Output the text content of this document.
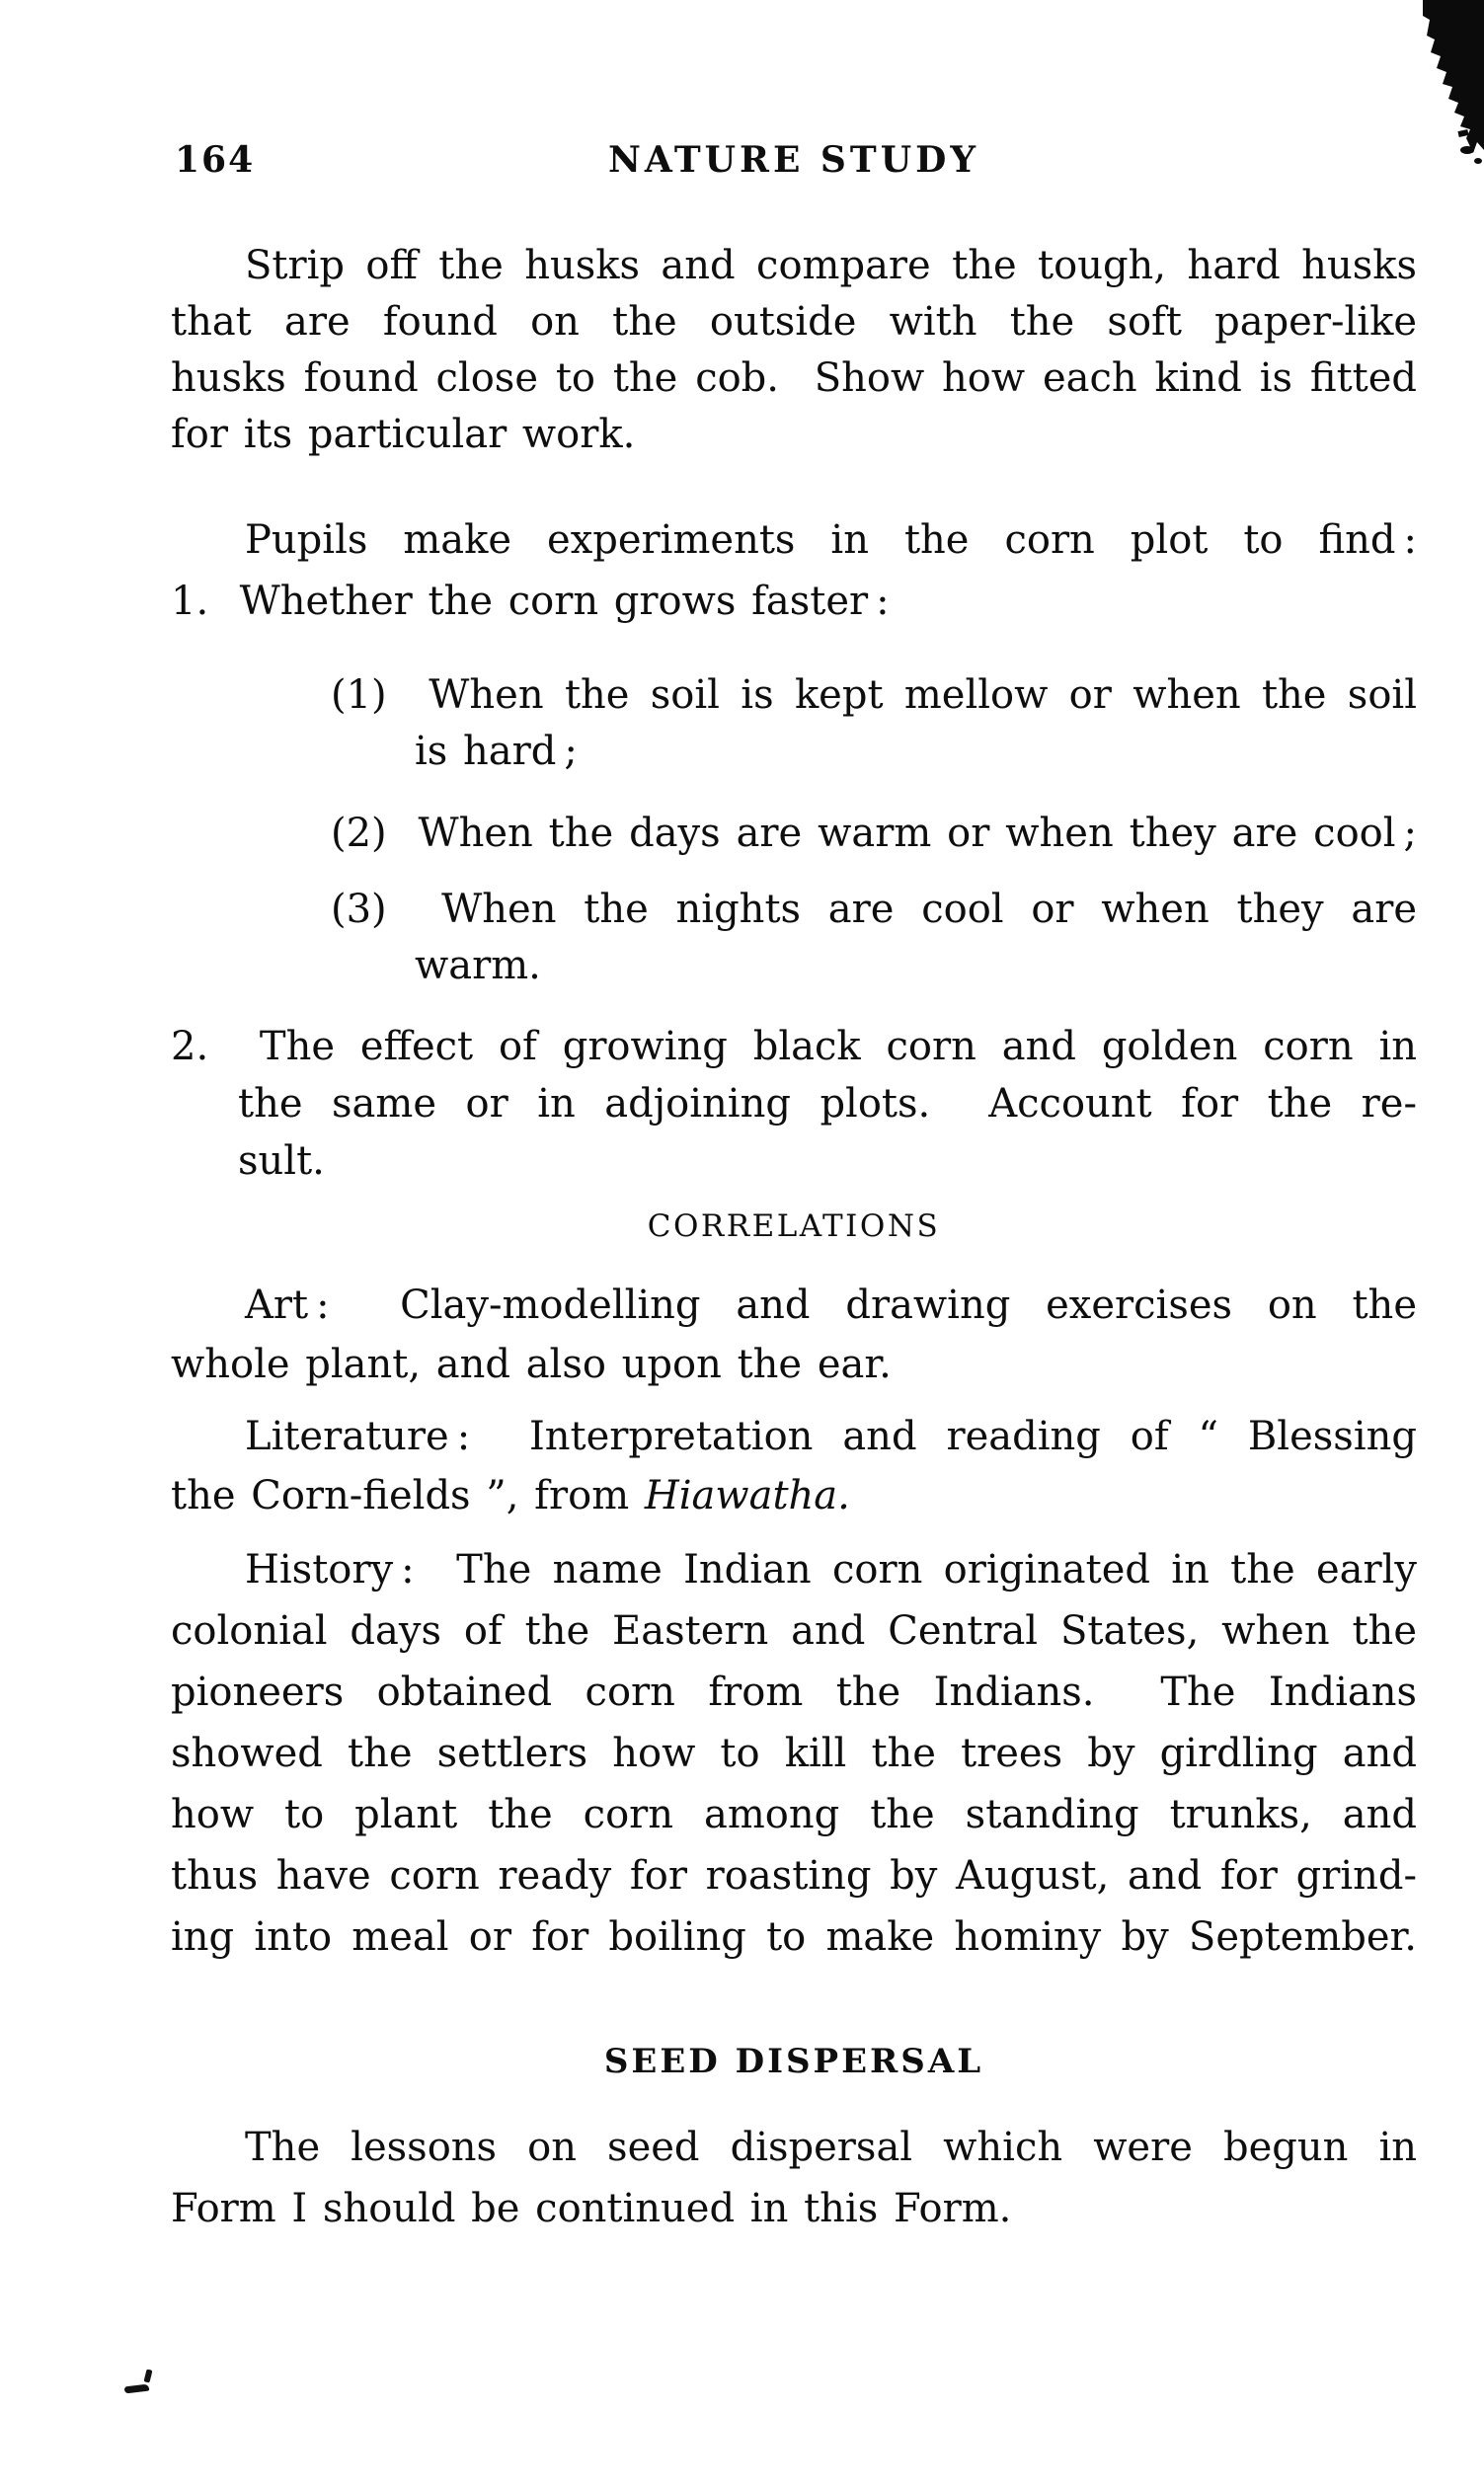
164	NATURE STUDY
Strip off the husks and compare the tough, hard husks
that are found on the outside with the soft paper-like
husks found close to the cob.  Show how each kind is fitted
for its particular work.
Pupils make experiments in the corn plot to find :
1.  Whether the corn grows faster :
(1)  When the soil is kept mellow or when the soil
is hard ;
(2)  When the days are warm or when they are cool ;
(3)  When the nights are cool or when they are
warm.
2.  The effect of growing black corn and golden corn in
the same or in adjoining plots.  Account for the re-
sult.
CORRELATIONS
Art :  Clay-modelling and drawing exercises on the
whole plant, and also upon the ear.
Literature :  Interpretation and reading of “ Blessing
the Corn-fields ”, from Hiawatha.
History :  The name Indian corn originated in the early
colonial days of the Eastern and Central States, when the
pioneers obtained corn from the Indians.  The Indians
showed the settlers how to kill the trees by girdling and
how to plant the corn among the standing trunks, and
thus have corn ready for roasting by August, and for grind-
ing into meal or for boiling to make hominy by September.
SEED DISPERSAL
The lessons on seed dispersal which were begun in
Form I should be continued in this Form.
